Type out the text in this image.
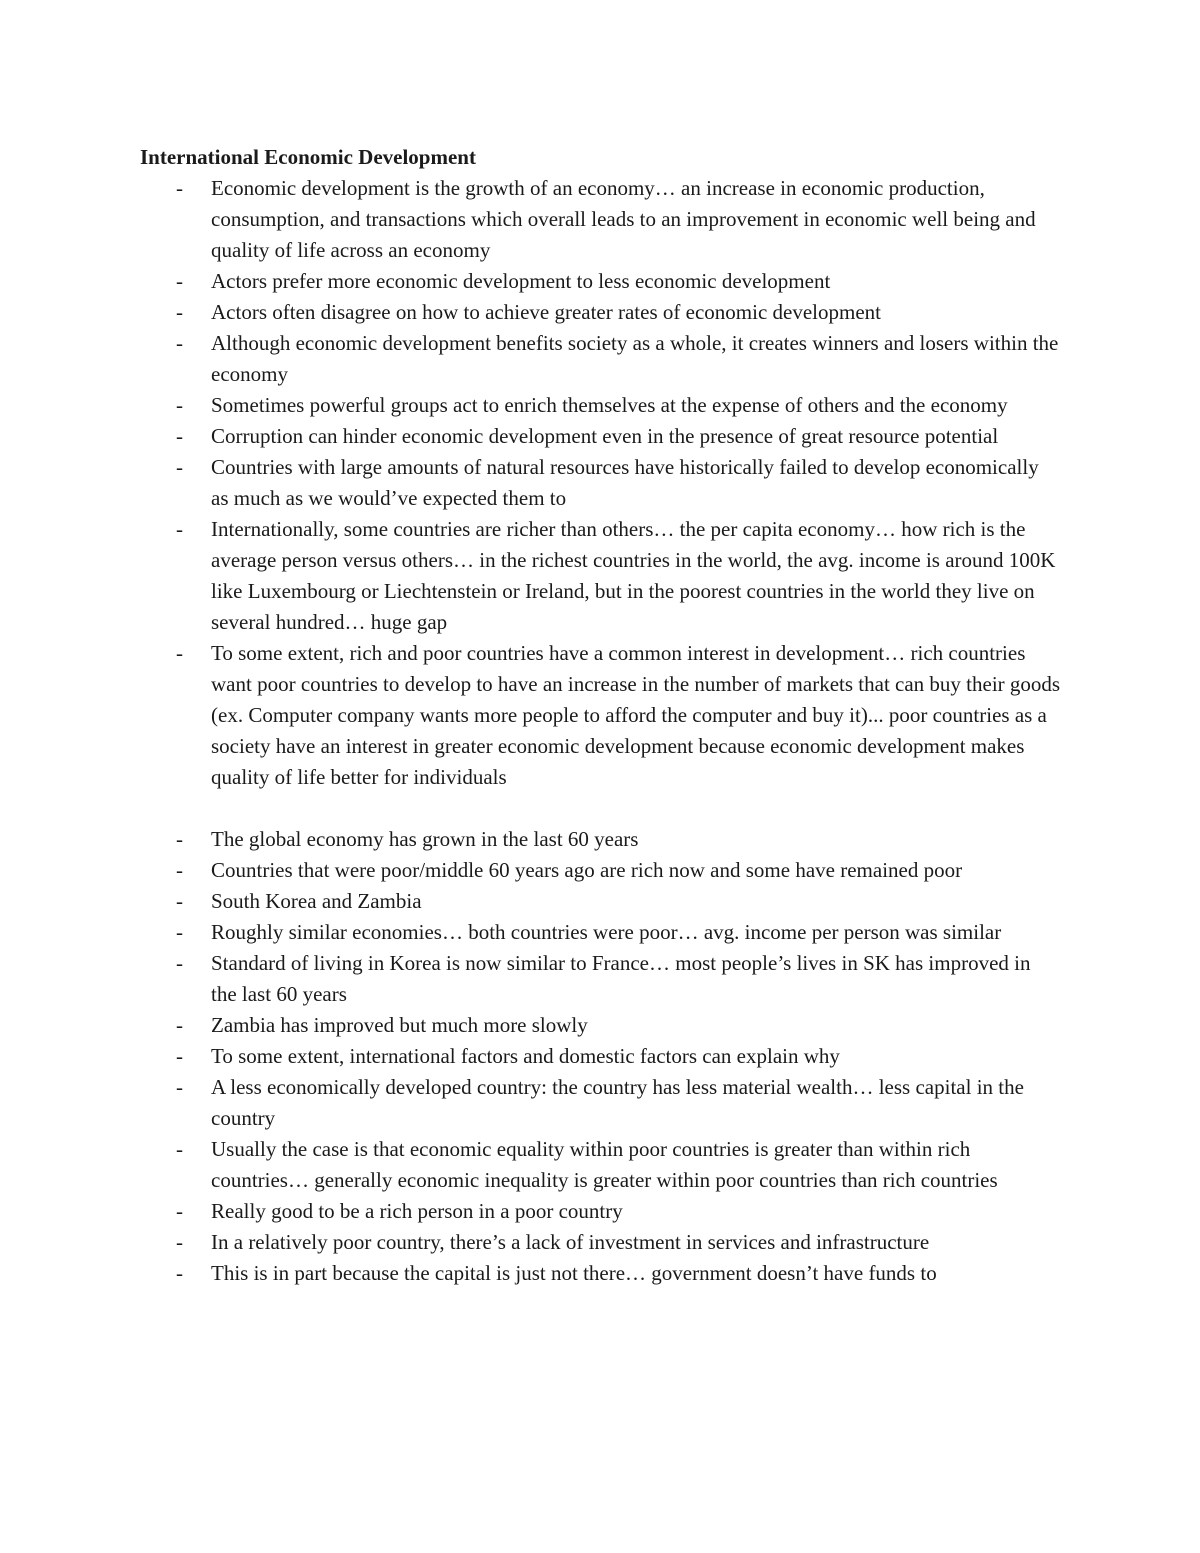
International Economic Development
- Economic development is the growth of an economy… an increase in economic production, consumption, and transactions which overall leads to an improvement in economic well being and quality of life across an economy
- Actors prefer more economic development to less economic development
- Actors often disagree on how to achieve greater rates of economic development
- Although economic development benefits society as a whole, it creates winners and losers within the economy
- Sometimes powerful groups act to enrich themselves at the expense of others and the economy
- Corruption can hinder economic development even in the presence of great resource potential
- Countries with large amounts of natural resources have historically failed to develop economically as much as we would’ve expected them to
- Internationally, some countries are richer than others… the per capita economy… how rich is the average person versus others… in the richest countries in the world, the avg. income is around 100K like Luxembourg or Liechtenstein or Ireland, but in the poorest countries in the world they live on several hundred… huge gap
- To some extent, rich and poor countries have a common interest in development… rich countries want poor countries to develop to have an increase in the number of markets that can buy their goods (ex. Computer company wants more people to afford the computer and buy it)... poor countries as a society have an interest in greater economic development because economic development makes quality of life better for individuals
- The global economy has grown in the last 60 years
- Countries that were poor/middle 60 years ago are rich now and some have remained poor
- South Korea and Zambia
- Roughly similar economies… both countries were poor… avg. income per person was similar
- Standard of living in Korea is now similar to France… most people’s lives in SK has improved in the last 60 years
- Zambia has improved but much more slowly
- To some extent, international factors and domestic factors can explain why
- A less economically developed country: the country has less material wealth… less capital in the country
- Usually the case is that economic equality within poor countries is greater than within rich countries… generally economic inequality is greater within poor countries than rich countries
- Really good to be a rich person in a poor country
- In a relatively poor country, there’s a lack of investment in services and infrastructure
- This is in part because the capital is just not there… government doesn’t have funds to
